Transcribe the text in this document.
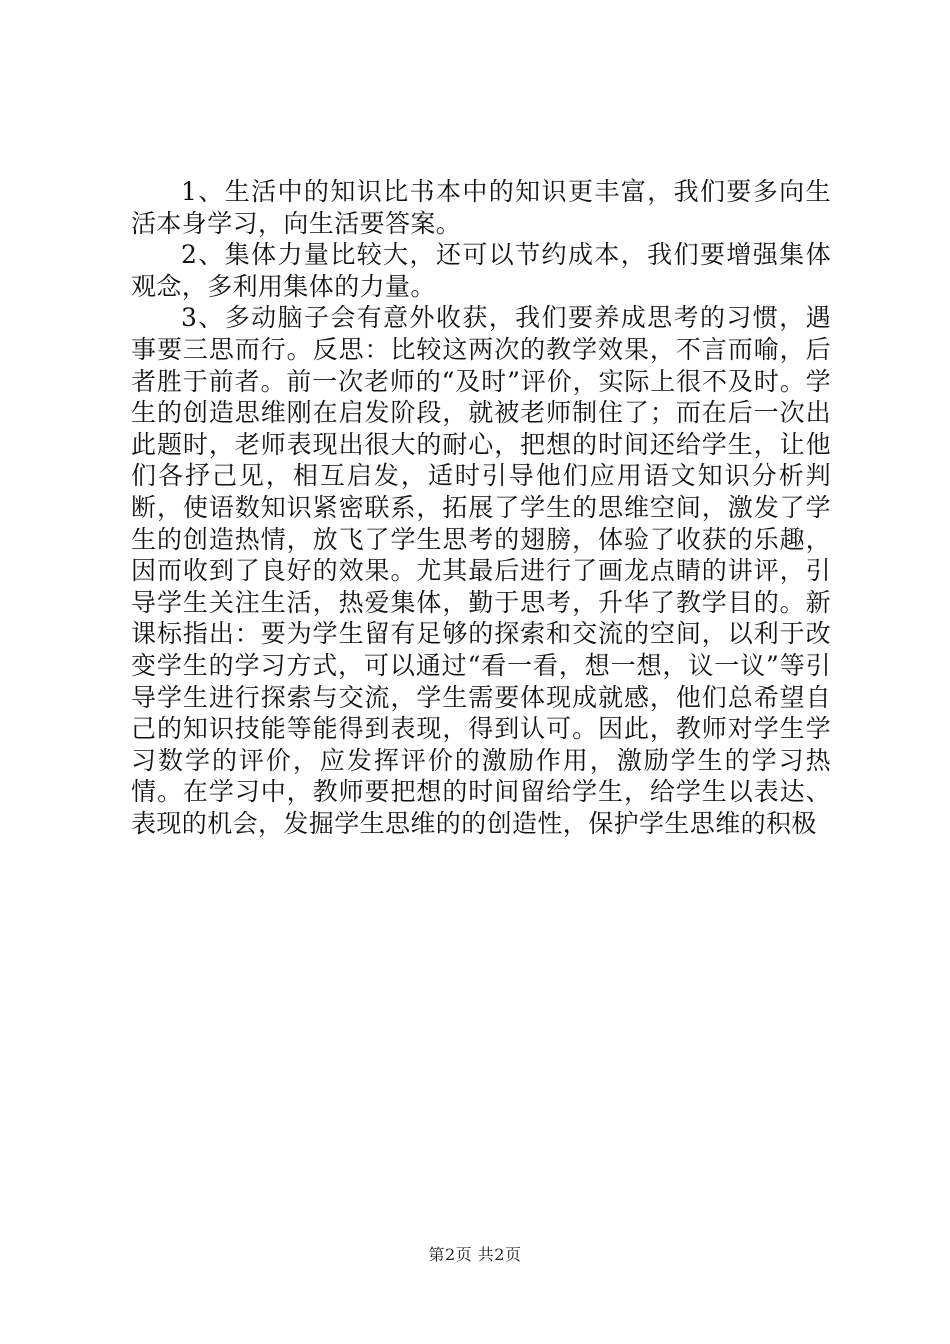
1、生活中的知识比书本中的知识更丰富，我们要多向生活本身学习，向生活要答案。

2、集体力量比较大，还可以节约成本，我们要增强集体观念，多利用集体的力量。

3、多动脑子会有意外收获，我们要养成思考的习惯，遇事要三思而行。反思：比较这两次的教学效果，不言而喻，后者胜于前者。前一次老师的“及时”评价，实际上很不及时。学生的创造思维刚在启发阶段，就被老师制住了；而在后一次出此题时，老师表现出很大的耐心，把想的时间还给学生，让他们各抒己见，相互启发，适时引导他们应用语文知识分析判断，使语数知识紧密联系，拓展了学生的思维空间，激发了学生的创造热情，放飞了学生思考的翅膀，体验了收获的乐趣，因而收到了良好的效果。尤其最后进行了画龙点睛的讲评，引导学生关注生活，热爱集体，勤于思考，升华了教学目的。新课标指出：要为学生留有足够的探索和交流的空间，以利于改变学生的学习方式，可以通过“看一看，想一想，议一议”等引导学生进行探索与交流，学生需要体现成就感，他们总希望自己的知识技能等能得到表现，得到认可。因此，教师对学生学习数学的评价，应发挥评价的激励作用，激励学生的学习热情。在学习中，教师要把想的时间留给学生，给学生以表达、表现的机会，发掘学生思维的的创造性，保护学生思维的积极

第2页 共2页
